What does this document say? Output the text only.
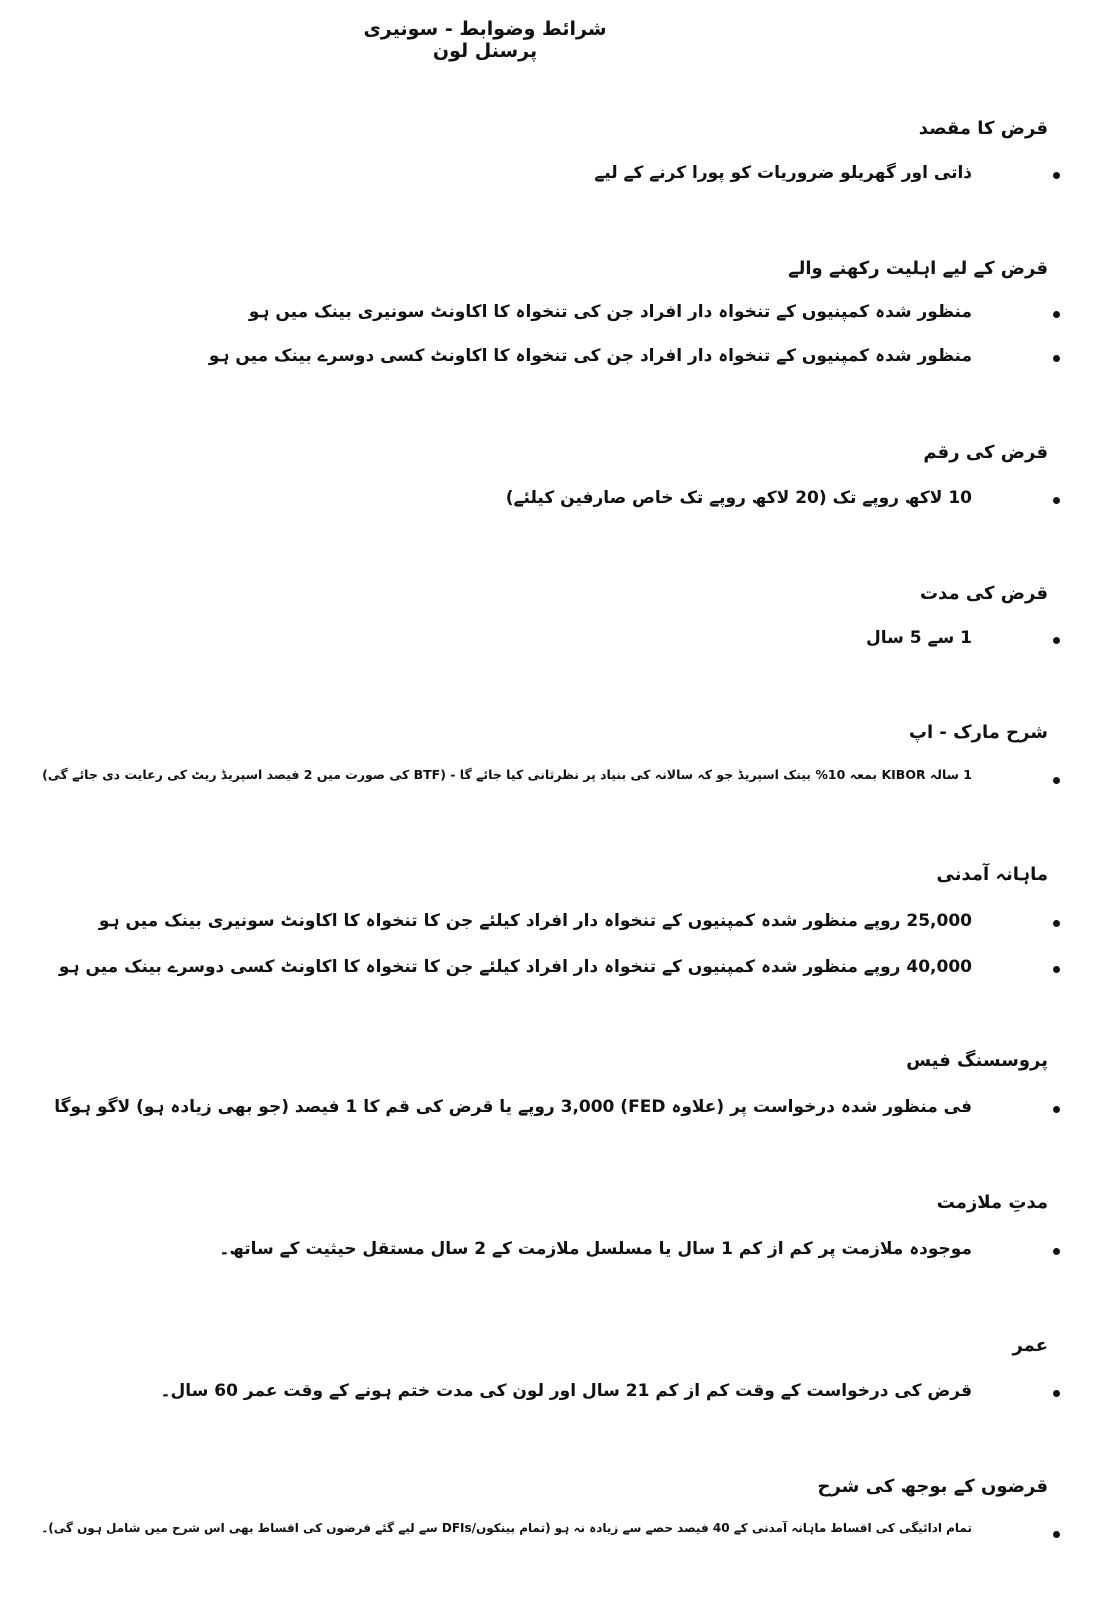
شرائط وضوابط - سونیری پرسنل لون
قرض کا مقصد
ذاتی اور گھریلو ضروریات کو پورا کرنے کے لیے
قرض کے لیے اہلیت رکھنے والے
منظور شدہ کمپنیوں کے تنخواہ دار افراد جن کی تنخواہ کا اکاونٹ سونیری بینک میں ہو
منظور شدہ کمپنیوں کے تنخواہ دار افراد جن کی تنخواہ کا اکاونٹ کسی دوسرے بینک میں ہو
قرض کی رقم
10 لاکھ روپے تک (20 لاکھ روپے تک خاص صارفین کیلئے)
قرض کی مدت
1 سے 5 سال
شرح مارک - اپ
1 سالہ KIBOR بمعہ 10% بینک اسپریڈ جو کہ سالانہ کی بنیاد پر نظرثانی کیا جائے گا - (BTF کی صورت میں 2 فیصد اسپریڈ ریٹ کی رعایت دی جائے گی)
ماہانہ آمدنی
25,000 روپے منظور شدہ کمپنیوں کے تنخواہ دار افراد کیلئے جن کا تنخواہ کا اکاونٹ سونیری بینک میں ہو
40,000 روپے منظور شدہ کمپنیوں کے تنخواہ دار افراد کیلئے جن کا تنخواہ کا اکاونٹ کسی دوسرے بینک میں ہو
پروسسنگ فیس
فی منظور شدہ درخواست پر (علاوہ FED) 3,000 روپے یا قرض کی قم کا 1 فیصد (جو بھی زیادہ ہو) لاگو ہوگا
مدتِ ملازمت
موجودہ ملازمت پر کم از کم 1 سال یا مسلسل ملازمت کے 2 سال مستقل حیثیت کے ساتھ۔
عمر
قرض کی درخواست کے وقت کم از کم 21 سال اور لون کی مدت ختم ہونے کے وقت عمر 60 سال۔
قرضوں کے بوجھ کی شرح
تمام ادائیگی کی اقساط ماہانہ آمدنی کے 40 فیصد حصے سے زیادہ نہ ہو (تمام بینکوں/DFIs سے لیے گئے قرضوں کی اقساط بھی اس شرح میں شامل ہوں گی)۔
